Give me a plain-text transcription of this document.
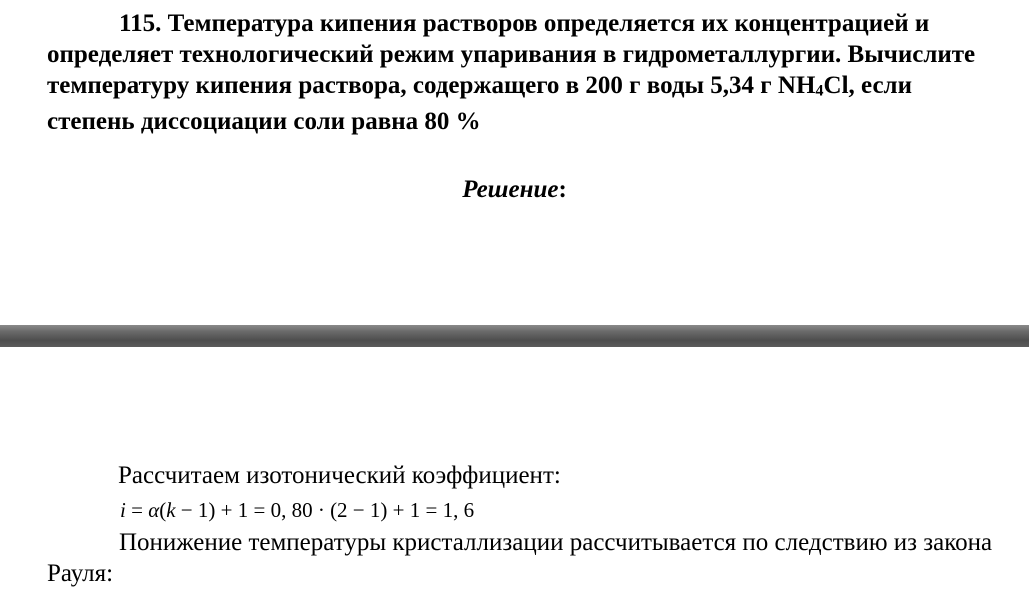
115. Температура кипения растворов определяется их концентрацией и определяет технологический режим упаривания в гидрометаллургии. Вычислите температуру кипения раствора, содержащего в 200 г воды 5,34 г $NH_4Cl$, если степень диссоциации соли равна 80 %

Решение:

Рассчитаем изотонический коэффициент:

i = α(k − 1) + 1 = 0, 80 · (2 − 1) + 1 = 1, 6

Понижение температуры кристаллизации рассчитывается по следствию из закона Рауля:
